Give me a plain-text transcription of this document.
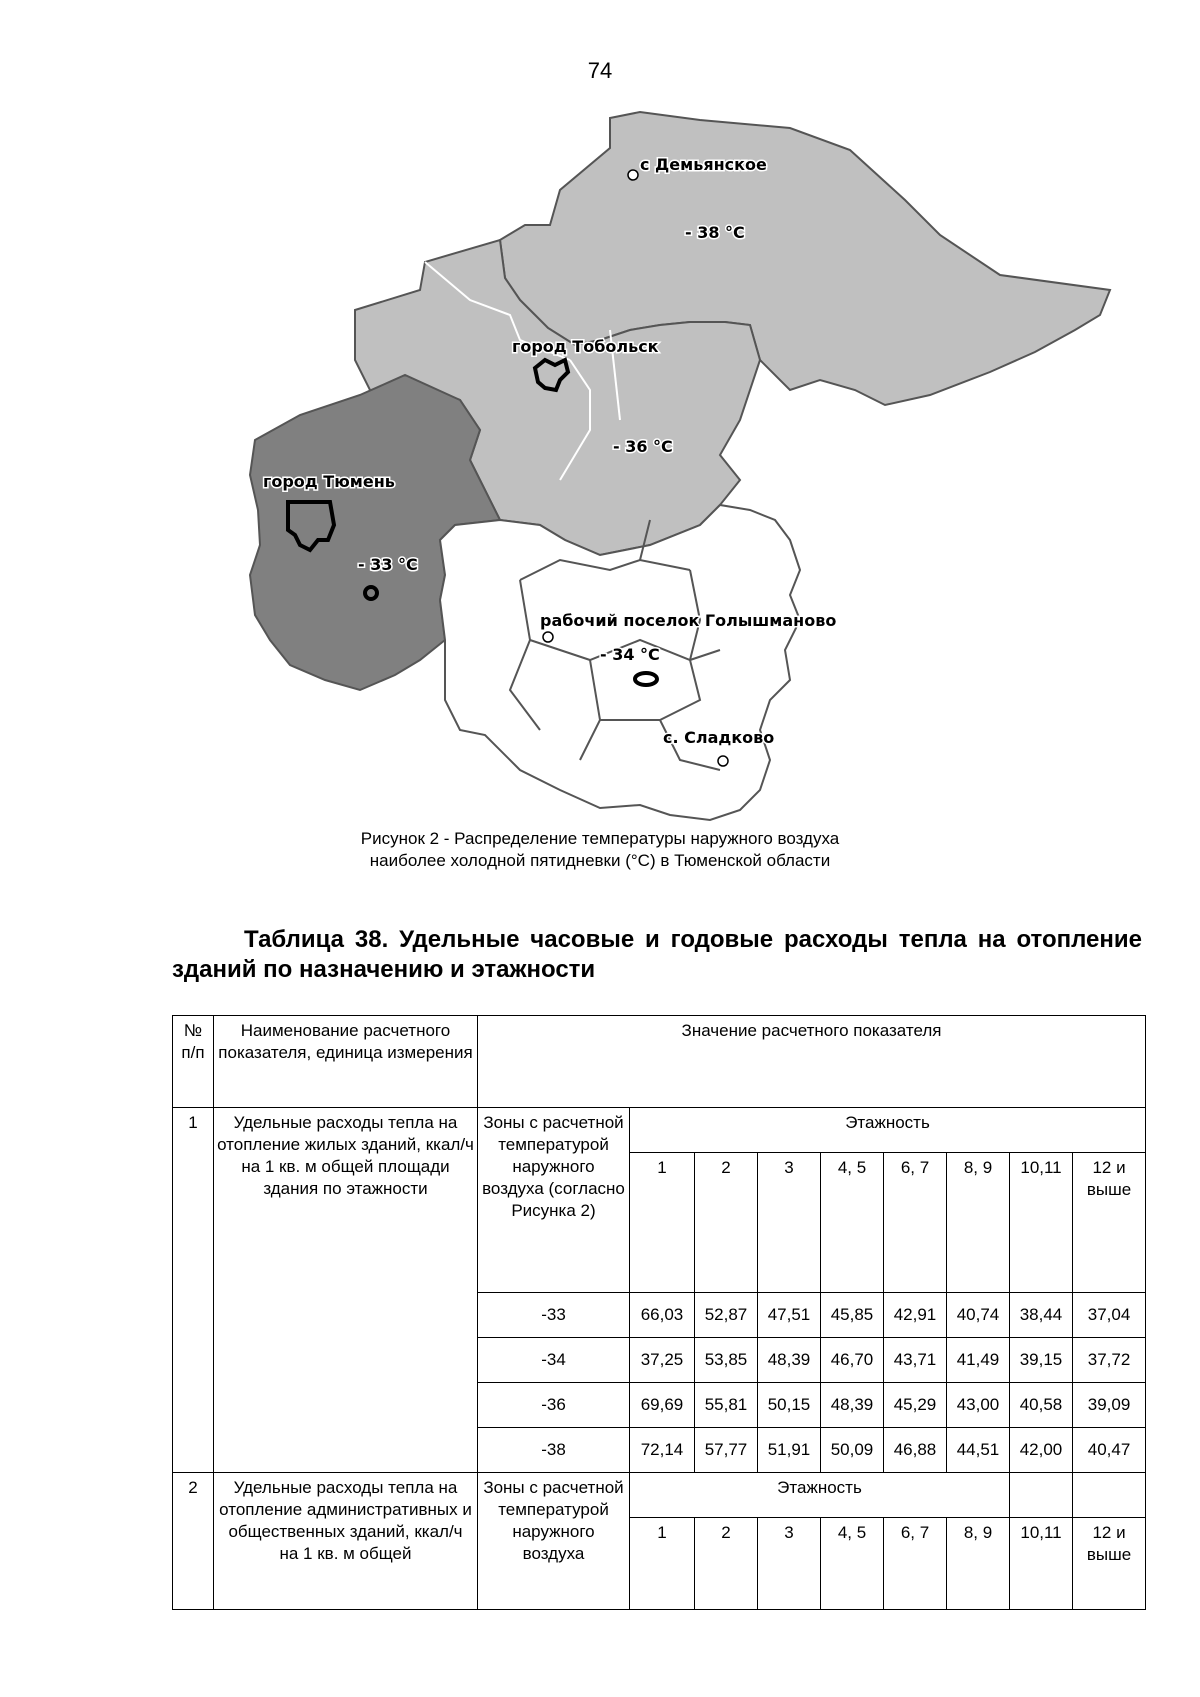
74
с Демьянское
- 38 °С
город Тобольск
- 36 °С
город Тюмень
- 33 °С
рабочий поселок Голышманово
- 34 °С
с. Сладково
Рисунок 2 - Распределение температуры наружного воздуха
наиболее холодной пятидневки (°С) в Тюменской области
Таблица 38. Удельные часовые и годовые расходы тепла на отопление зданий по назначению и этажности
№ п/п	Наименование расчетного показателя, единица измерения	Значение расчетного показателя								
1	Удельные расходы тепла на отопление жилых зданий, ккал/ч на 1 кв. м общей площади здания по этажности	Зоны с расчетной температурой наружного воздуха (согласно Рисунка 2)	Этажность							
			1	2	3	4, 5	6, 7	8, 9	10,11	12 и выше
		-33	66,03	52,87	47,51	45,85	42,91	40,74	38,44	37,04
		-34	37,25	53,85	48,39	46,70	43,71	41,49	39,15	37,72
		-36	69,69	55,81	50,15	48,39	45,29	43,00	40,58	39,09
		-38	72,14	57,77	51,91	50,09	46,88	44,51	42,00	40,47
2	Удельные расходы тепла на отопление административных и общественных зданий, ккал/ч на 1 кв. м общей	Зоны с расчетной температурой наружного воздуха	Этажность							
			1	2	3	4, 5	6, 7	8, 9	10,11	12 и выше
